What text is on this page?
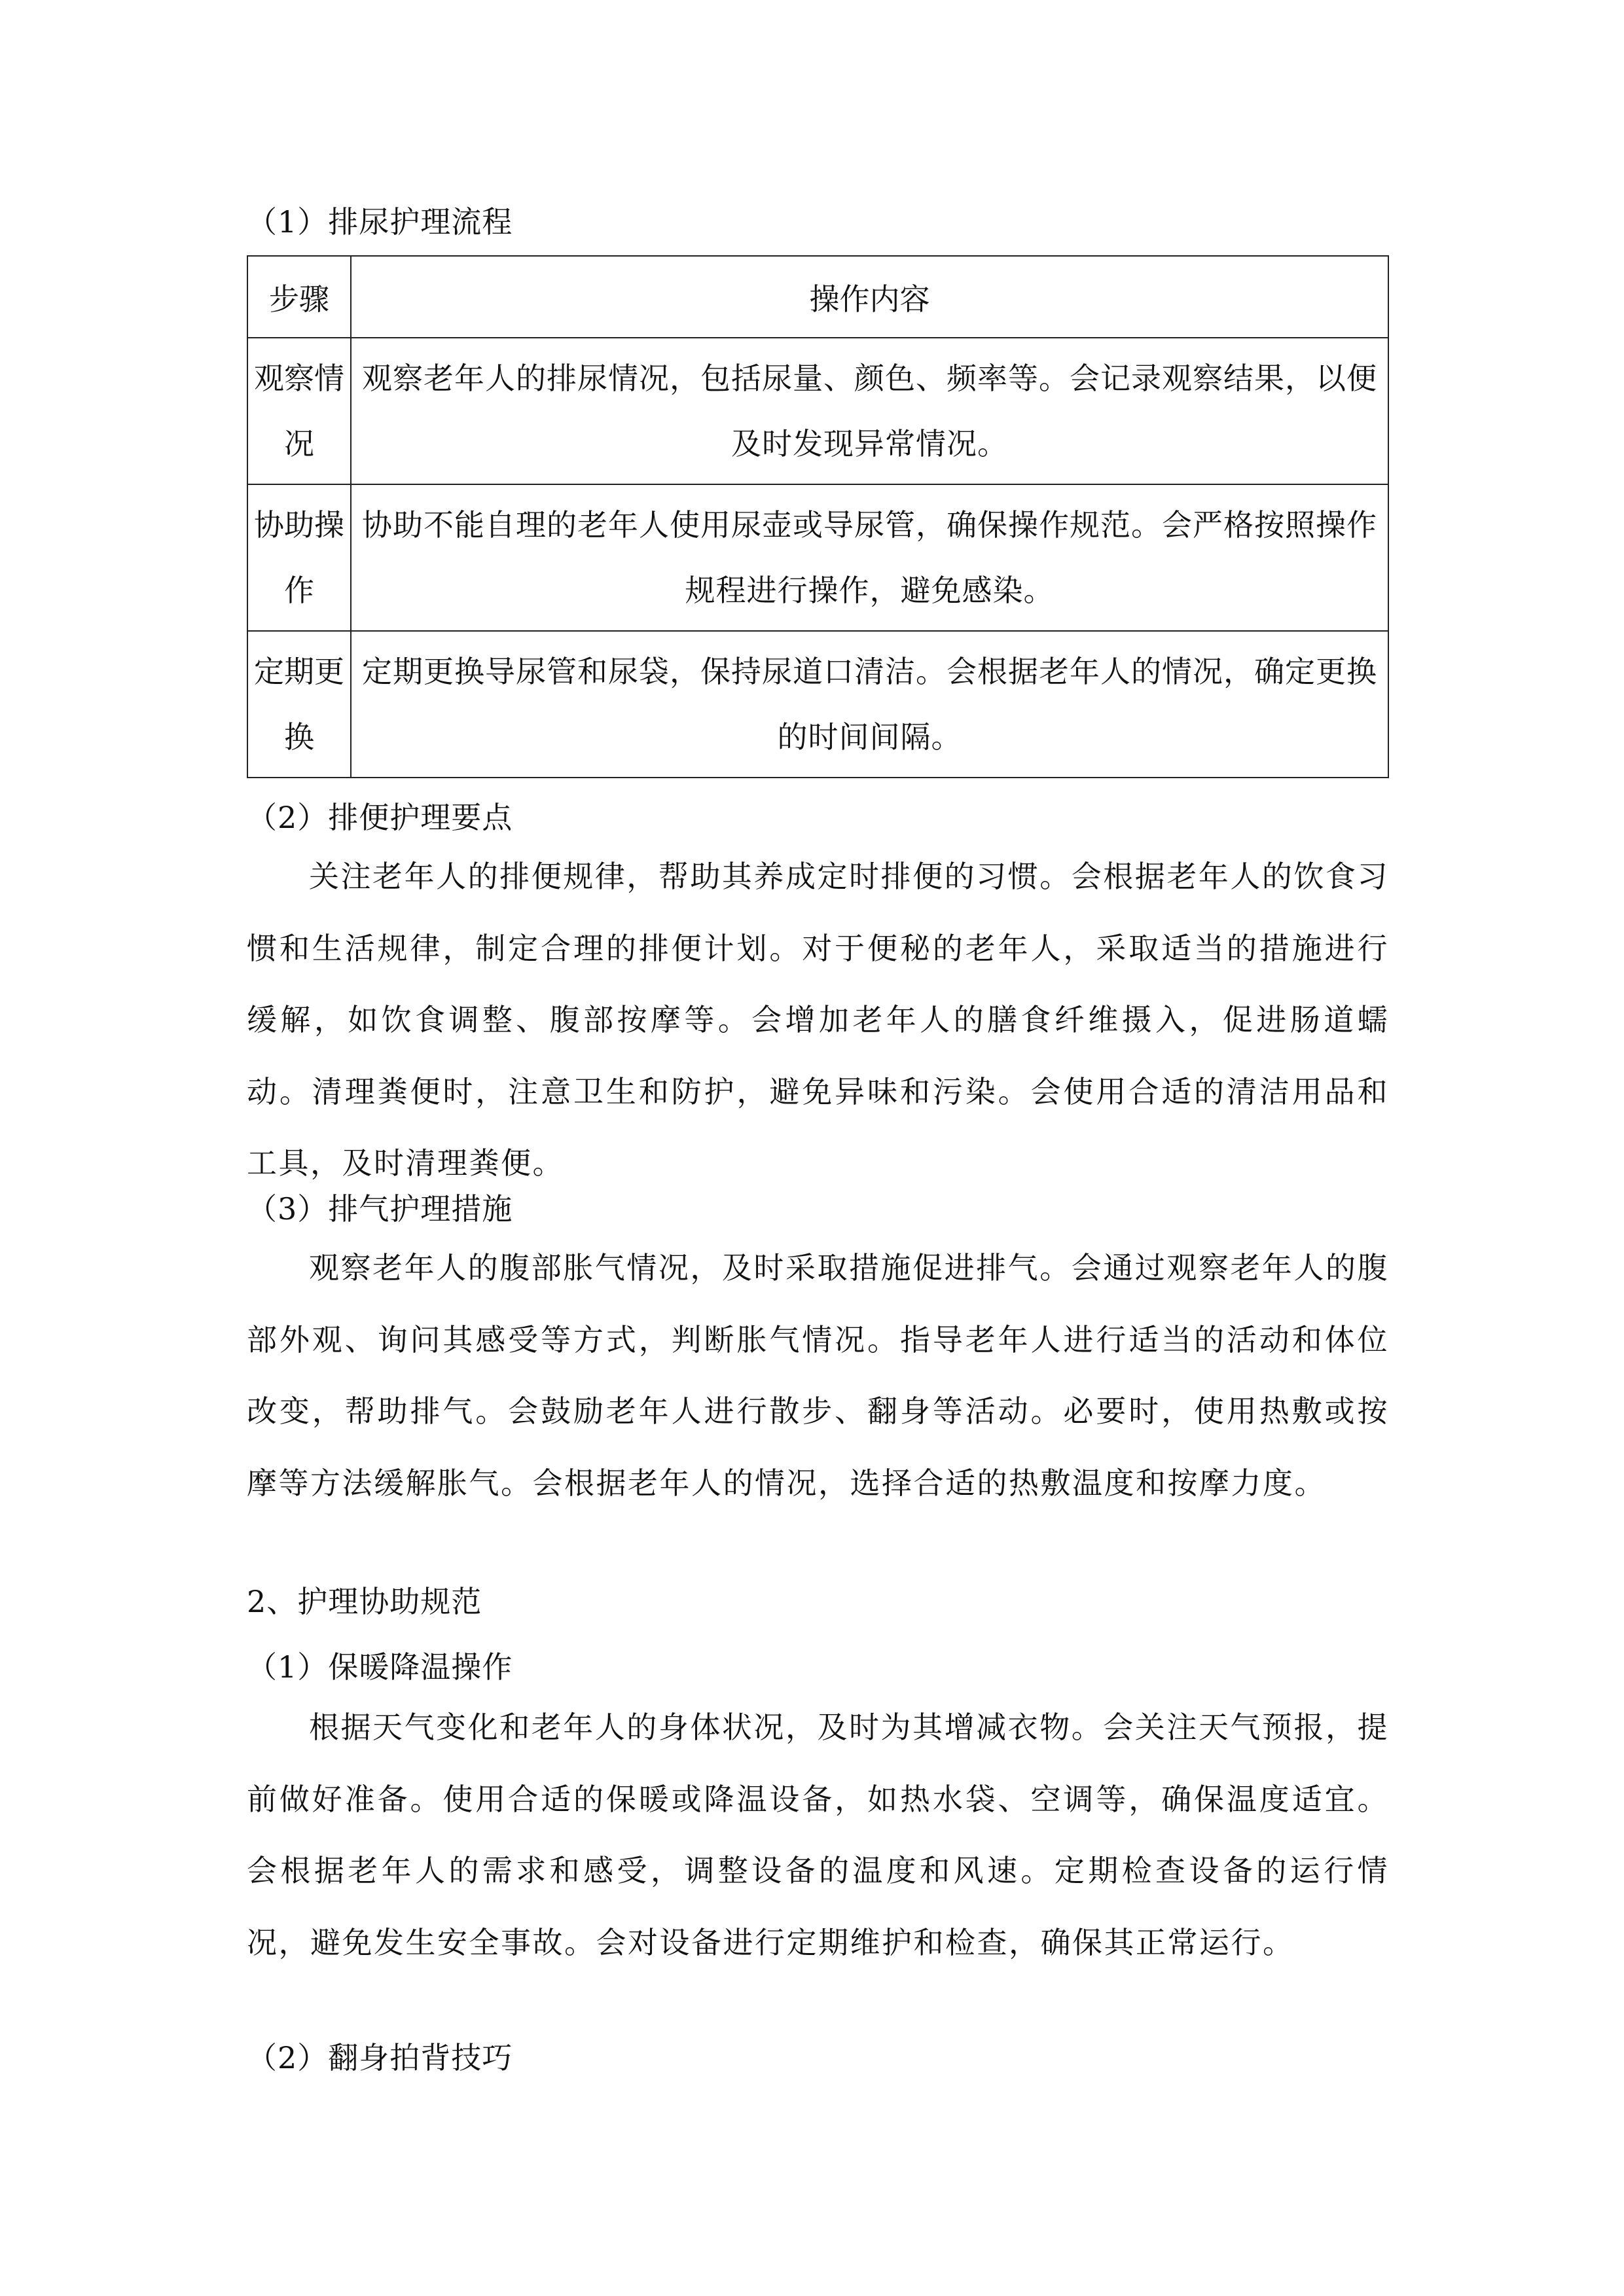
（1）排尿护理流程
步骤	操作内容

观察情况	观察老年人的排尿情况，包括尿量、颜色、频率等。会记录观察结果，以便及时发现异常情况。

协助操作	协助不能自理的老年人使用尿壶或导尿管，确保操作规范。会严格按照操作规程进行操作，避免感染。

定期更换	定期更换导尿管和尿袋，保持尿道口清洁。会根据老年人的情况，确定更换的时间间隔。
（2）排便护理要点
关注老年人的排便规律，帮助其养成定时排便的习惯。会根据老年人的饮食习惯和生活规律，制定合理的排便计划。对于便秘的老年人，采取适当的措施进行缓解，如饮食调整、腹部按摩等。会增加老年人的膳食纤维摄入，促进肠道蠕动。清理粪便时，注意卫生和防护，避免异味和污染。会使用合适的清洁用品和工具，及时清理粪便。
（3）排气护理措施
观察老年人的腹部胀气情况，及时采取措施促进排气。会通过观察老年人的腹部外观、询问其感受等方式，判断胀气情况。指导老年人进行适当的活动和体位改变，帮助排气。会鼓励老年人进行散步、翻身等活动。必要时，使用热敷或按摩等方法缓解胀气。会根据老年人的情况，选择合适的热敷温度和按摩力度。
2、护理协助规范
（1）保暖降温操作
根据天气变化和老年人的身体状况，及时为其增减衣物。会关注天气预报，提前做好准备。使用合适的保暖或降温设备，如热水袋、空调等，确保温度适宜。会根据老年人的需求和感受，调整设备的温度和风速。定期检查设备的运行情况，避免发生安全事故。会对设备进行定期维护和检查，确保其正常运行。
（2）翻身拍背技巧
